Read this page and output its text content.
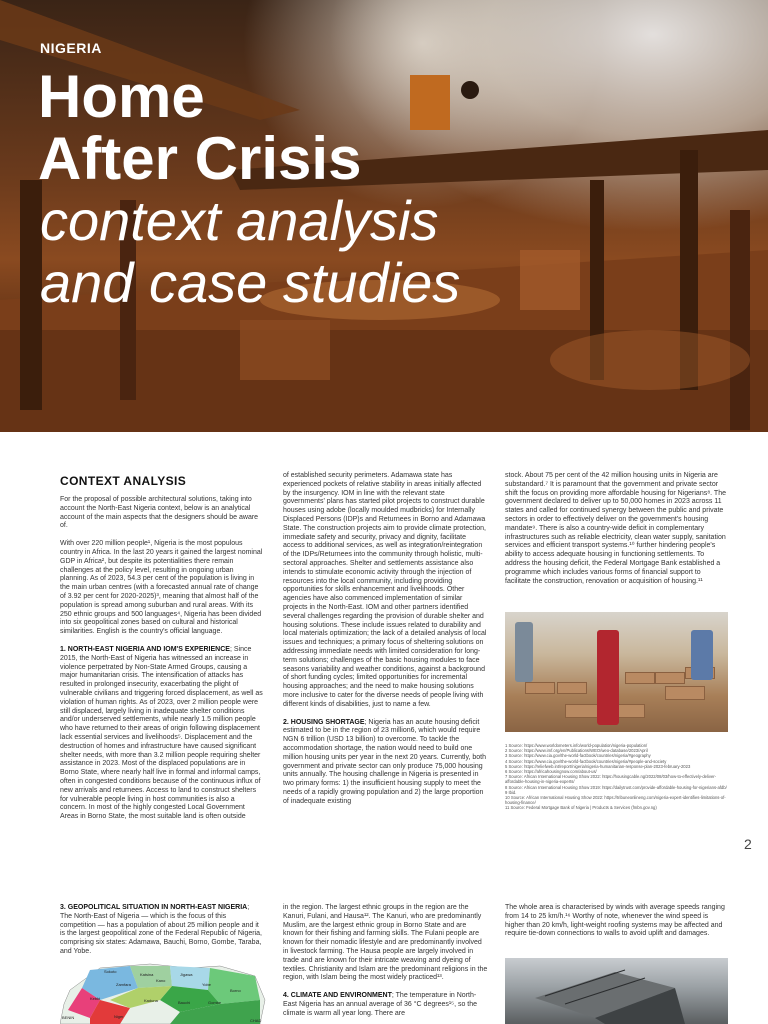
NIGERIA
Home
After Crisis
context analysis
and case studies
CONTEXT ANALYSIS

For the proposal of possible architectural solutions, taking into account the North-East Nigeria context, below is an analytical account of the main aspects that the designers should be aware of.

With over 220 million people¹, Nigeria is the most populous country in Africa. In the last 20 years it gained the largest nominal GDP in Africa², but despite its potentialities there remain challenges at the policy level, resulting in ongoing urban planning. As of 2023, 54.3 per cent of the population is living in the main urban centres (with a forecasted annual rate of change of 3.92 per cent for 2020-2025)³, meaning that almost half of the population is spread among suburban and rural areas. With its 250 ethnic groups and 500 languages⁴, Nigeria has been divided into six geopolitical zones based on cultural and historical similarities. English is the country's official language.

1. NORTH-EAST NIGERIA AND IOM'S EXPERIENCE; Since 2015, the North-East of Nigeria has witnessed an increase in violence perpetrated by Non-State Armed Groups, causing a major humanitarian crisis. The intensification of attacks has resulted in prolonged insecurity, exacerbating the plight of vulnerable civilians and triggering forced displacement, as well as violation of human rights. As of 2023, over 2 million people were still displaced, largely living in inadequate shelter conditions and/or underserved settlements, while nearly 1.5 million people who have returned to their areas of origin following displacement lack essential services and livelihoods⁵. Displacement and the destruction of homes and infrastructure have caused significant shelter needs, with more than 3.2 million people requiring shelter assistance in 2023. Most of the displaced populations are in Borno State, where nearly half live in formal and informal camps, often in congested conditions because of the continuous influx of new arrivals and returnees. Access to land to construct shelters for vulnerable people living in host communities is also a concern. In most of the highly congested Local Government Areas in Borno State, the most suitable land is often outside

of established security perimeters. Adamawa state has experienced pockets of relative stability in areas initially affected by the insurgency. IOM in line with the relevant state governments' plans has started pilot projects to construct durable houses using adobe (locally moulded mudbricks) for Internally Displaced Persons (IDP)s and Returnees in Borno and Adamawa State. The construction projects aim to provide climate protection, immediate safety and security, privacy and dignity, facilitate access to additional services, as well as integration/reintegration of the IDPs/Returnees into the community through holistic, multi-sectoral approaches. Shelter and settlements assistance also intends to stimulate economic activity through the injection of resources into the local community, including providing opportunities for skills enhancement and livelihoods. Other agencies have also commenced implementation of similar projects in the North-East. IOM and other partners identified several challenges regarding the provision of durable shelter and housing solutions. These include issues related to durability and local materials optimization; the lack of a detailed analysis of local issues and techniques; a primary focus of sheltering solutions on addressing immediate needs with limited consideration for long-term solutions; challenges of the basic housing modules to face seasons variability and weather conditions, against a background of short funding cycles; limited opportunities for incremental housing approaches; and the need to make housing solutions more inclusive to cater for the diverse needs of people living with different kinds of disabilities, just to name a few.

2. HOUSING SHORTAGE; Nigeria has an acute housing deficit estimated to be in the region of 23 million6, which would require NGN 6 trillion (USD 13 billion) to overcome. To tackle the accommodation shortage, the nation would need to build one million housing units per year in the next 20 years. Currently, both government and private sector can only produce 75,000 housing units annually. The housing challenge in Nigeria is presented in two primary forms: 1) the insufficient housing supply to meet the needs of a rapidly growing population and 2) the large proportion of inadequate existing

stock. About 75 per cent of the 42 million housing units in Nigeria are substandard.⁷ It is paramount that the government and private sector shift the focus on providing more affordable housing for Nigerians⁸. The government declared to deliver up to 50,000 homes in 2023 across 11 states and called for continued synergy between the public and private sectors in order to effectively deliver on the government's housing mandate⁹. There is also a country-wide deficit in complementary infrastructures such as reliable electricity, clean water supply, sanitation services and efficient transport systems.¹⁰ further hindering people's ability to access adequate housing in functioning settlements. To address the housing deficit, the Federal Mortgage Bank established a programme which includes various forms of financial support to facilitate the construction, renovation or acquisition of housing.¹¹

1 Source: https://www.worldometers.info/world-population/nigeria-population/
2 Source: https://www.imf.org/en/Publications/WEO/weo-database/2023/April
3 Source: https://www.cia.gov/the-world-factbook/countries/nigeria/#geography
4 Source: https://www.cia.gov/the-world-factbook/countries/nigeria/#people-and-society
5 Source: https://reliefweb.int/report/nigeria/nigeria-humanitarian-response-plan-2023-february-2023
6 Source: https://africahousingnow.com/about-us/
7 Source: African International Housing Show 2022: https://housingcable.ng/2022/08/03/how-to-effectively-deliver-affordable-housing-in-nigeria-experts/
8 Source: African International Housing Show 2019: https://dailytrust.com/provide-affordable-housing-for-nigerians-afdb/
9 Ibid.
10 Source: African International Housing Show 2022: https://tribuneonlineng.com/nigeria-expert-identifies-limitations-of-housing-finance/
11 Source: Federal Mortgage Bank of Nigeria | Products & Services (fmbn.gov.ng)
2

3. GEOPOLITICAL SITUATION IN NORTH-EAST NIGERIA; The North-East of Nigeria — which is the focus of this competition — has a population of about 25 million people and it is the largest geopolitical zone of the Federal Republic of Nigeria, comprising six states: Adamawa, Bauchi, Borno, Gombe, Taraba, and Yobe.

Sokoto
Katsina
Kano
Jigawa
Yobe
Borno
Zamfara
Kaduna	Bauchi	Gombe
Kebbi
Niger
BENIN
CHAD

in the region. The largest ethnic groups in the region are the Kanuri, Fulani, and Hausa¹². The Kanuri, who are predominantly Muslim, are the largest ethnic group in Borno State and are known for their fishing and farming skills. The Fulani people are known for their nomadic lifestyle and are predominantly involved in livestock farming. The Hausa people are largely involved in trade and are known for their intricate weaving and dyeing of textiles. Christianity and Islam are the predominant religions in the region, with Islam being the most widely practiced¹³.

4. CLIMATE AND ENVIRONMENT; The temperature in North-East Nigeria has an annual average of 36 °C degrees¹⁵, so the climate is warm all year long. There are

The whole area is characterised by winds with average speeds ranging from 14 to 25 km/h.¹⁶ Worthy of note, whenever the wind speed is higher than 20 km/h, light-weight roofing systems may be affected and require tie-down connections to walls to avoid uplift and damages.
